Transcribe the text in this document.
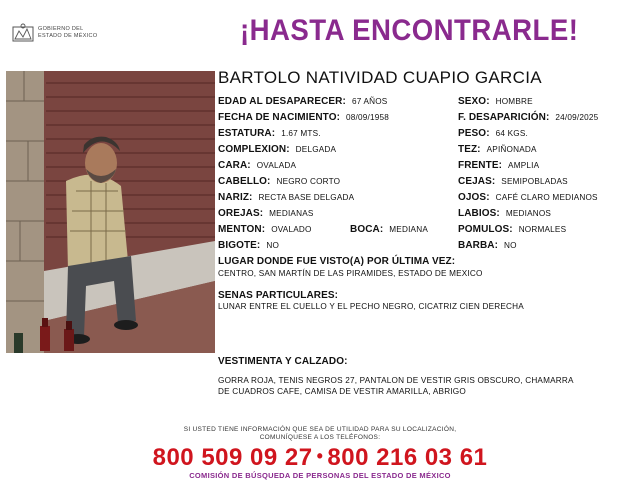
GOBIERNO DEL
ESTADO DE MÉXICO	¡HASTA ENCONTRARLE!
BARTOLO NATIVIDAD CUAPIO GARCIA
EDAD AL DESAPARECER: 67 AÑOS	SEXO: HOMBRE
FECHA DE NACIMIENTO: 08/09/1958	F. DESAPARICIÓN: 24/09/2025
ESTATURA: 1.67 MTS.	PESO: 64 KGS.
COMPLEXION: DELGADA	TEZ: APIÑONADA
CARA: OVALADA	FRENTE: AMPLIA
CABELLO: NEGRO CORTO	CEJAS: SEMIPOBLADAS
NARIZ: RECTA BASE DELGADA	OJOS: CAFÉ CLARO MEDIANOS
OREJAS: MEDIANAS	LABIOS: MEDIANOS
MENTON: OVALADO	BOCA: MEDIANA	POMULOS: NORMALES
BIGOTE: NO	BARBA: NO
LUGAR DONDE FUE VISTO(A) POR ÚLTIMA VEZ:
CENTRO, SAN MARTÍN DE LAS PIRAMIDES, ESTADO DE MEXICO
SENAS PARTICULARES:
LUNAR ENTRE EL CUELLO Y EL PECHO NEGRO, CICATRIZ CIEN DERECHA
VESTIMENTA Y CALZADO:
GORRA ROJA, TENIS NEGROS 27, PANTALON DE VESTIR GRIS OBSCURO, CHAMARRA
DE CUADROS CAFE, CAMISA DE VESTIR AMARILLA, ABRIGO
SI USTED TIENE INFORMACIÓN QUE SEA DE UTILIDAD PARA SU LOCALIZACIÓN,
COMUNÍQUESE A LOS TELÉFONOS:
800 509 09 27 • 800 216 03 61
COMISIÓN DE BÚSQUEDA DE PERSONAS DEL ESTADO DE MÉXICO
